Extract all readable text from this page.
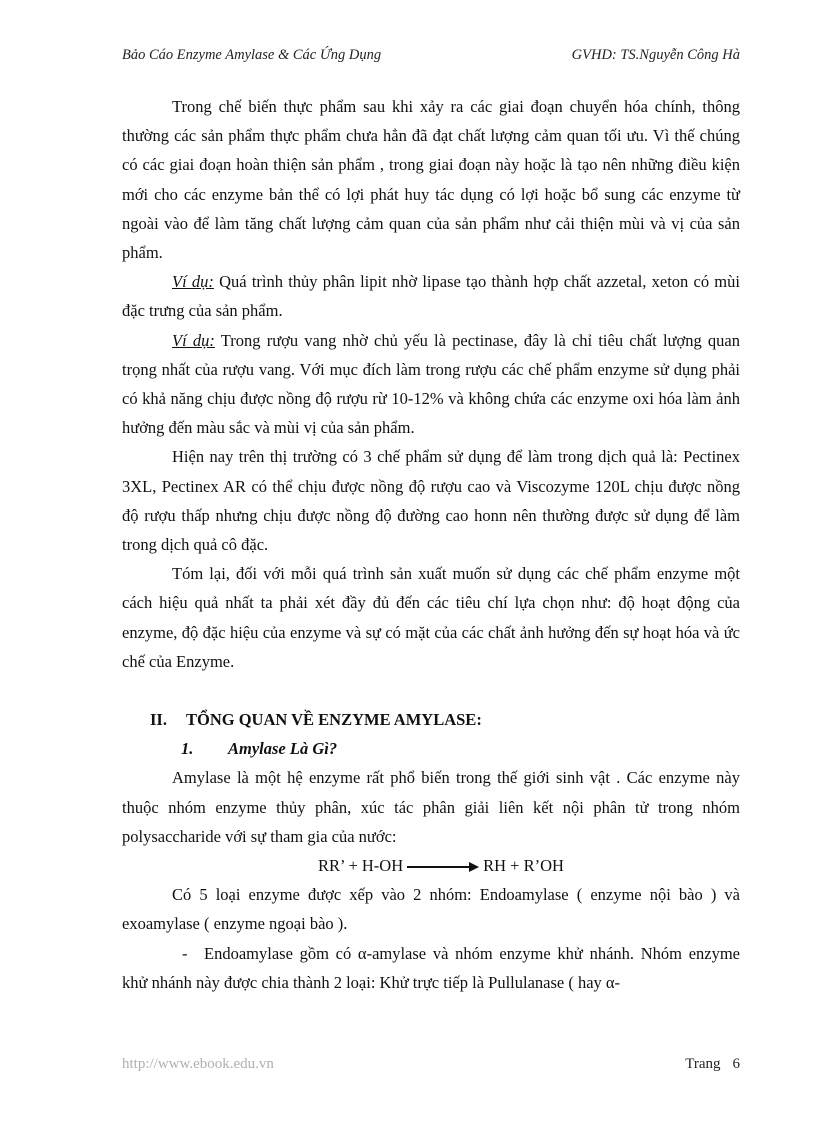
Bảo Cáo Enzyme Amylase & Các Ứng Dụng	GVHD: TS.Nguyễn Công Hà

Trong chế biến thực phẩm sau khi xảy ra các giai đoạn chuyển hóa chính, thông thường các sản phẩm thực phẩm chưa hẳn đã đạt chất lượng cảm quan tối ưu. Vì thế chúng có các giai đoạn hoàn thiện sản phẩm , trong giai đoạn này hoặc là tạo nên những điều kiện mới cho các enzyme bản thể có lợi phát huy tác dụng có lợi hoặc bổ sung các enzyme từ ngoài vào để làm tăng chất lượng cảm quan của sản phẩm như cải thiện mùi và vị của sản phẩm.

Ví dụ: Quá trình thủy phân lipit nhờ lipase tạo thành hợp chất azzetal, xeton có mùi đặc trưng của sản phẩm.

Ví dụ: Trong rượu vang nhờ chủ yếu là pectinase, đây là chỉ tiêu chất lượng quan trọng nhất của rượu vang. Với mục đích làm trong rượu các chế phẩm enzyme sử dụng phải có khả năng chịu được nồng độ rượu rừ 10-12% và không chứa các enzyme oxi hóa làm ảnh hưởng đến màu sắc và mùi vị của sản phẩm.

Hiện nay trên thị trường có 3 chế phẩm sử dụng để làm trong dịch quả là: Pectinex 3XL, Pectinex AR có thể chịu được nồng độ rượu cao và Viscozyme 120L chịu được nồng độ rượu thấp nhưng chịu được nồng độ đường cao honn nên thường được sử dụng để làm trong dịch quả cô đặc.

Tóm lại, đối với mỗi quá trình sản xuất muốn sử dụng các chế phẩm enzyme một cách hiệu quả nhất ta phải xét đầy đủ đến các tiêu chí lựa chọn như: độ hoạt động của enzyme, độ đặc hiệu của enzyme và sự có mặt của các chất ảnh hưởng đến sự hoạt hóa và ức chế của Enzyme.

II. TỔNG QUAN VỀ ENZYME AMYLASE:

1. Amylase Là Gì?

Amylase là một hệ enzyme rất phổ biến trong thế giới sinh vật . Các enzyme này thuộc nhóm enzyme thủy phân, xúc tác phân giải liên kết nội phân tử trong nhóm polysaccharide với sự tham gia của nước:

RR’ + H-OH	RH + R’OH

Có 5 loại enzyme được xếp vào 2 nhóm: Endoamylase ( enzyme nội bào ) và exoamylase ( enzyme ngoại bào ).

- Endoamylase gồm có α-amylase và nhóm enzyme khử nhánh. Nhóm enzyme khử nhánh này được chia thành 2 loại: Khử trực tiếp là Pullulanase ( hay α-

http://www.ebook.edu.vn	Trang 6
